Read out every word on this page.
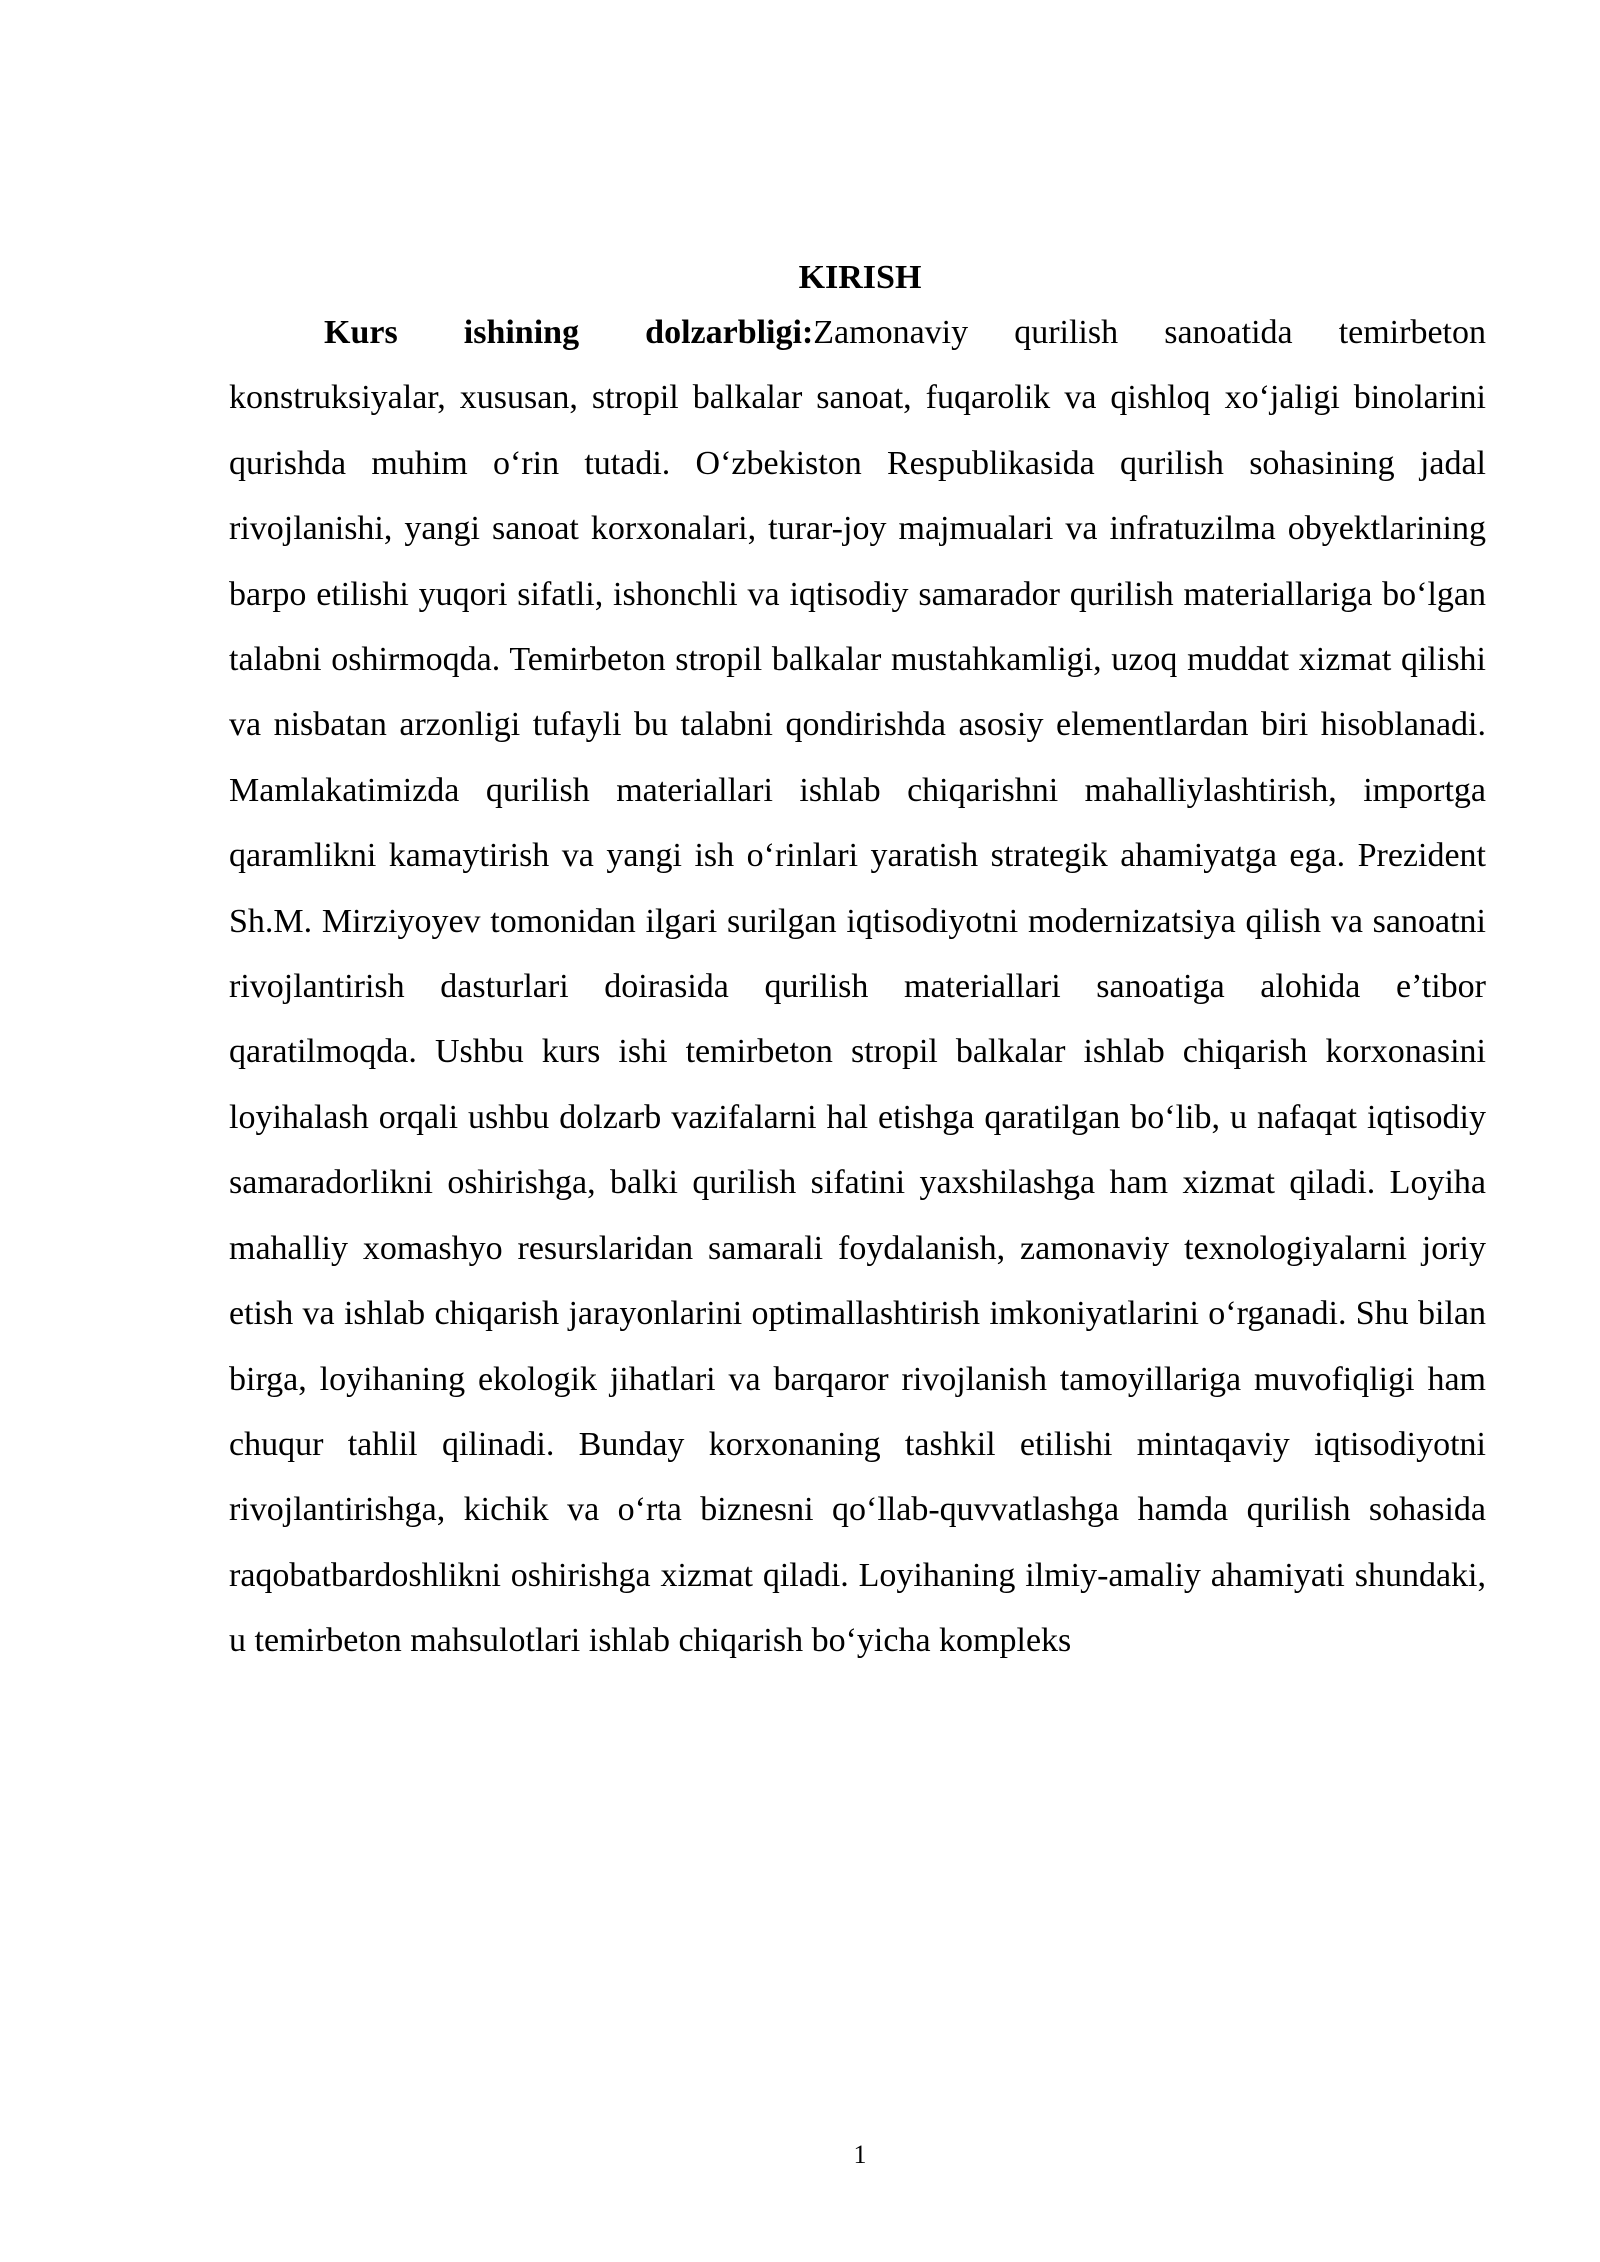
KIRISH

Kurs ishining dolzarbligi:Zamonaviy qurilish sanoatida temirbeton konstruksiyalar, xususan, stropil balkalar sanoat, fuqarolik va qishloq xo‘jaligi binolarini qurishda muhim o‘rin tutadi. O‘zbekiston Respublikasida qurilish sohasining jadal rivojlanishi, yangi sanoat korxonalari, turar-joy majmualari va infratuzilma obyektlarining barpo etilishi yuqori sifatli, ishonchli va iqtisodiy samarador qurilish materiallariga bo‘lgan talabni oshirmoqda. Temirbeton stropil balkalar mustahkamligi, uzoq muddat xizmat qilishi va nisbatan arzonligi tufayli bu talabni qondirishda asosiy elementlardan biri hisoblanadi. Mamlakatimizda qurilish materiallari ishlab chiqarishni mahalliylashtirish, importga qaramlikni kamaytirish va yangi ish o‘rinlari yaratish strategik ahamiyatga ega. Prezident Sh.M. Mirziyoyev tomonidan ilgari surilgan iqtisodiyotni modernizatsiya qilish va sanoatni rivojlantirish dasturlari doirasida qurilish materiallari sanoatiga alohida e’tibor qaratilmoqda. Ushbu kurs ishi temirbeton stropil balkalar ishlab chiqarish korxonasini loyihalash orqali ushbu dolzarb vazifalarni hal etishga qaratilgan bo‘lib, u nafaqat iqtisodiy samaradorlikni oshirishga, balki qurilish sifatini yaxshilashga ham xizmat qiladi. Loyiha mahalliy xomashyo resurslaridan samarali foydalanish, zamonaviy texnologiyalarni joriy etish va ishlab chiqarish jarayonlarini optimallashtirish imkoniyatlarini o‘rganadi. Shu bilan birga, loyihaning ekologik jihatlari va barqaror rivojlanish tamoyillariga muvofiqligi ham chuqur tahlil qilinadi. Bunday korxonaning tashkil etilishi mintaqaviy iqtisodiyotni rivojlantirishga, kichik va o‘rta biznesni qo‘llab-quvvatlashga hamda qurilish sohasida raqobatbardoshlikni oshirishga xizmat qiladi. Loyihaning ilmiy-amaliy ahamiyati shundaki, u temirbeton mahsulotlari ishlab chiqarish bo‘yicha kompleks

1
